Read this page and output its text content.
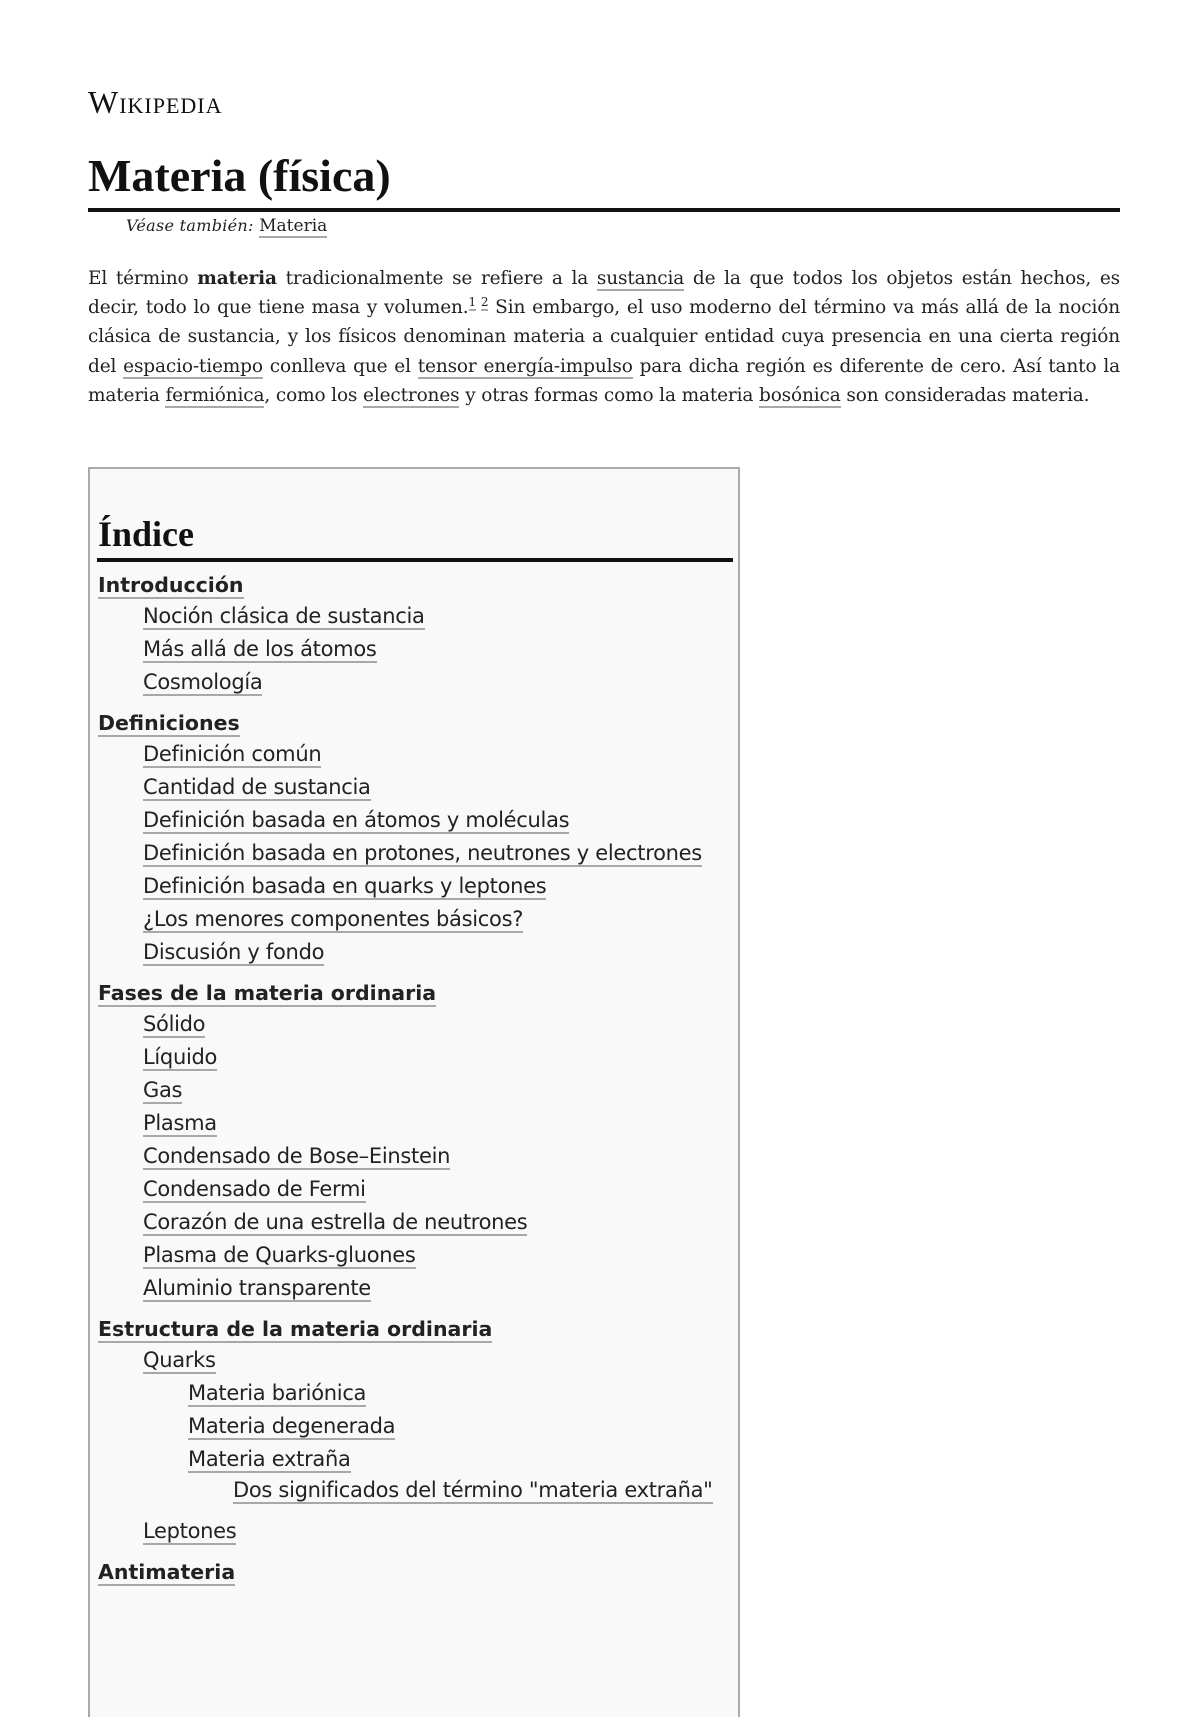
Wikipedia
Materia (física)
Véase también: Materia

El término materia tradicionalmente se refiere a la sustancia de la que todos los objetos están hechos, es decir, todo lo que tiene masa y volumen.$^{1 2}$ Sin embargo, el uso moderno del término va más allá de la noción clásica de sustancia, y los físicos denominan materia a cualquier entidad cuya presencia en una cierta región del espacio-tiempo conlleva que el tensor energía-impulso para dicha región es diferente de cero. Así tanto la materia fermiónica, como los electrones y otras formas como la materia bosónica son consideradas materia.

Índice
Introducción
Noción clásica de sustancia
Más allá de los átomos
Cosmología
Definiciones
Definición común
Cantidad de sustancia
Definición basada en átomos y moléculas
Definición basada en protones, neutrones y electrones
Definición basada en quarks y leptones
¿Los menores componentes básicos?
Discusión y fondo
Fases de la materia ordinaria
Sólido
Líquido
Gas
Plasma
Condensado de Bose–Einstein
Condensado de Fermi
Corazón de una estrella de neutrones
Plasma de Quarks-gluones
Aluminio transparente
Estructura de la materia ordinaria
Quarks
Materia bariónica
Materia degenerada
Materia extraña
Dos significados del término "materia extraña"
Leptones
Antimateria
